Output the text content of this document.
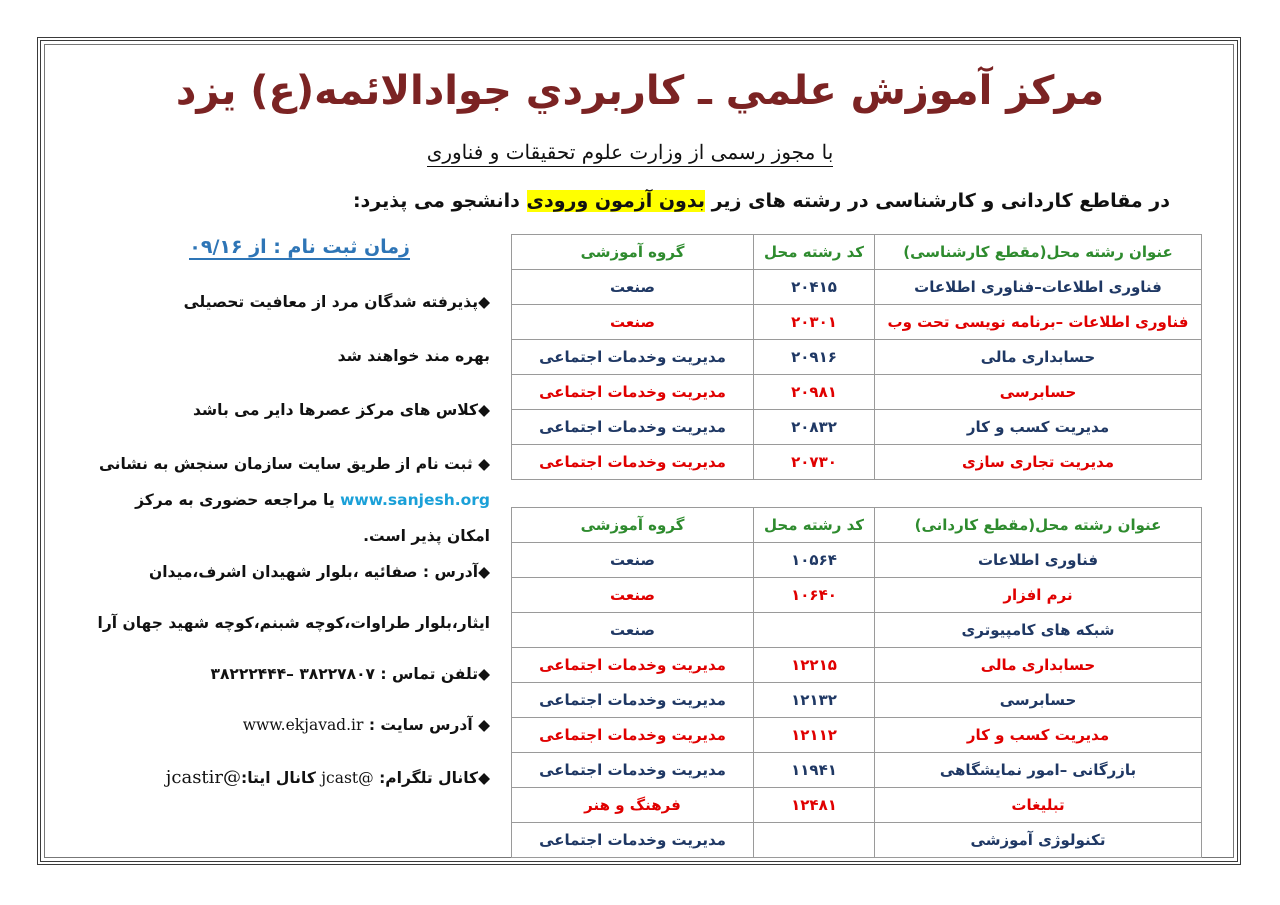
مركز آموزش علمي ـ كاربردي جوادالائمه(ع) يزد
با مجوز رسمی از وزارت علوم تحقیقات و فناوری
در مقاطع کاردانی و کارشناسی در رشته های زیر بدون آزمون ورودی دانشجو می پذیرد:
زمان ثبت نام : از ۰۹/۱۶	عنوان رشته محل(مقطع کارشناسی)	کد رشته محل	گروه آموزشی
فناوری اطلاعات–فناوری اطلاعات	۲۰۴۱۵	صنعت
فناوری اطلاعات –برنامه نویسی تحت وب	۲۰۳۰۱	صنعت
حسابداری مالی	۲۰۹۱۶	مدیریت وخدمات اجتماعی
حسابرسی	۲۰۹۸۱	مدیریت وخدمات اجتماعی
مدیریت کسب و کار	۲۰۸۳۲	مدیریت وخدمات اجتماعی
مدیریت تجاری سازی	۲۰۷۳۰	مدیریت وخدمات اجتماعی
عنوان رشته محل(مقطع کاردانی)	کد رشته محل	گروه آموزشی
فناوری اطلاعات	۱۰۵۶۴	صنعت
نرم افزار	۱۰۶۴۰	صنعت
شبکه های کامپیوتری		صنعت
حسابداری مالی	۱۲۲۱۵	مدیریت وخدمات اجتماعی
حسابرسی	۱۲۱۳۲	مدیریت وخدمات اجتماعی
مدیریت کسب و کار	۱۲۱۱۲	مدیریت وخدمات اجتماعی
بازرگانی –امور نمایشگاهی	۱۱۹۴۱	مدیریت وخدمات اجتماعی
تبلیغات	۱۲۴۸۱	فرهنگ و هنر
تکنولوژی آموزشی		مدیریت وخدمات اجتماعی
◆پذیرفته شدگان مرد از معافیت تحصیلی
بهره مند خواهند شد
◆کلاس های مرکز عصرها دایر می باشد
◆ ثبت نام از طریق سایت سازمان سنجش به نشانی
www.sanjesh.org یا مراجعه حضوری به مرکز
امکان پذیر است.
◆آدرس : صفائیه ،بلوار شهیدان اشرف،میدان
ایثار،بلوار طراوات،کوچه شبنم،کوچه شهید جهان آرا
◆تلفن تماس : ۳۸۲۲۷۸۰۷ –۳۸۲۲۲۴۴۴
◆ آدرس سایت : www.ekjavad.ir
◆کانال تلگرام: @jcast کانال ایتا:@jcastir
